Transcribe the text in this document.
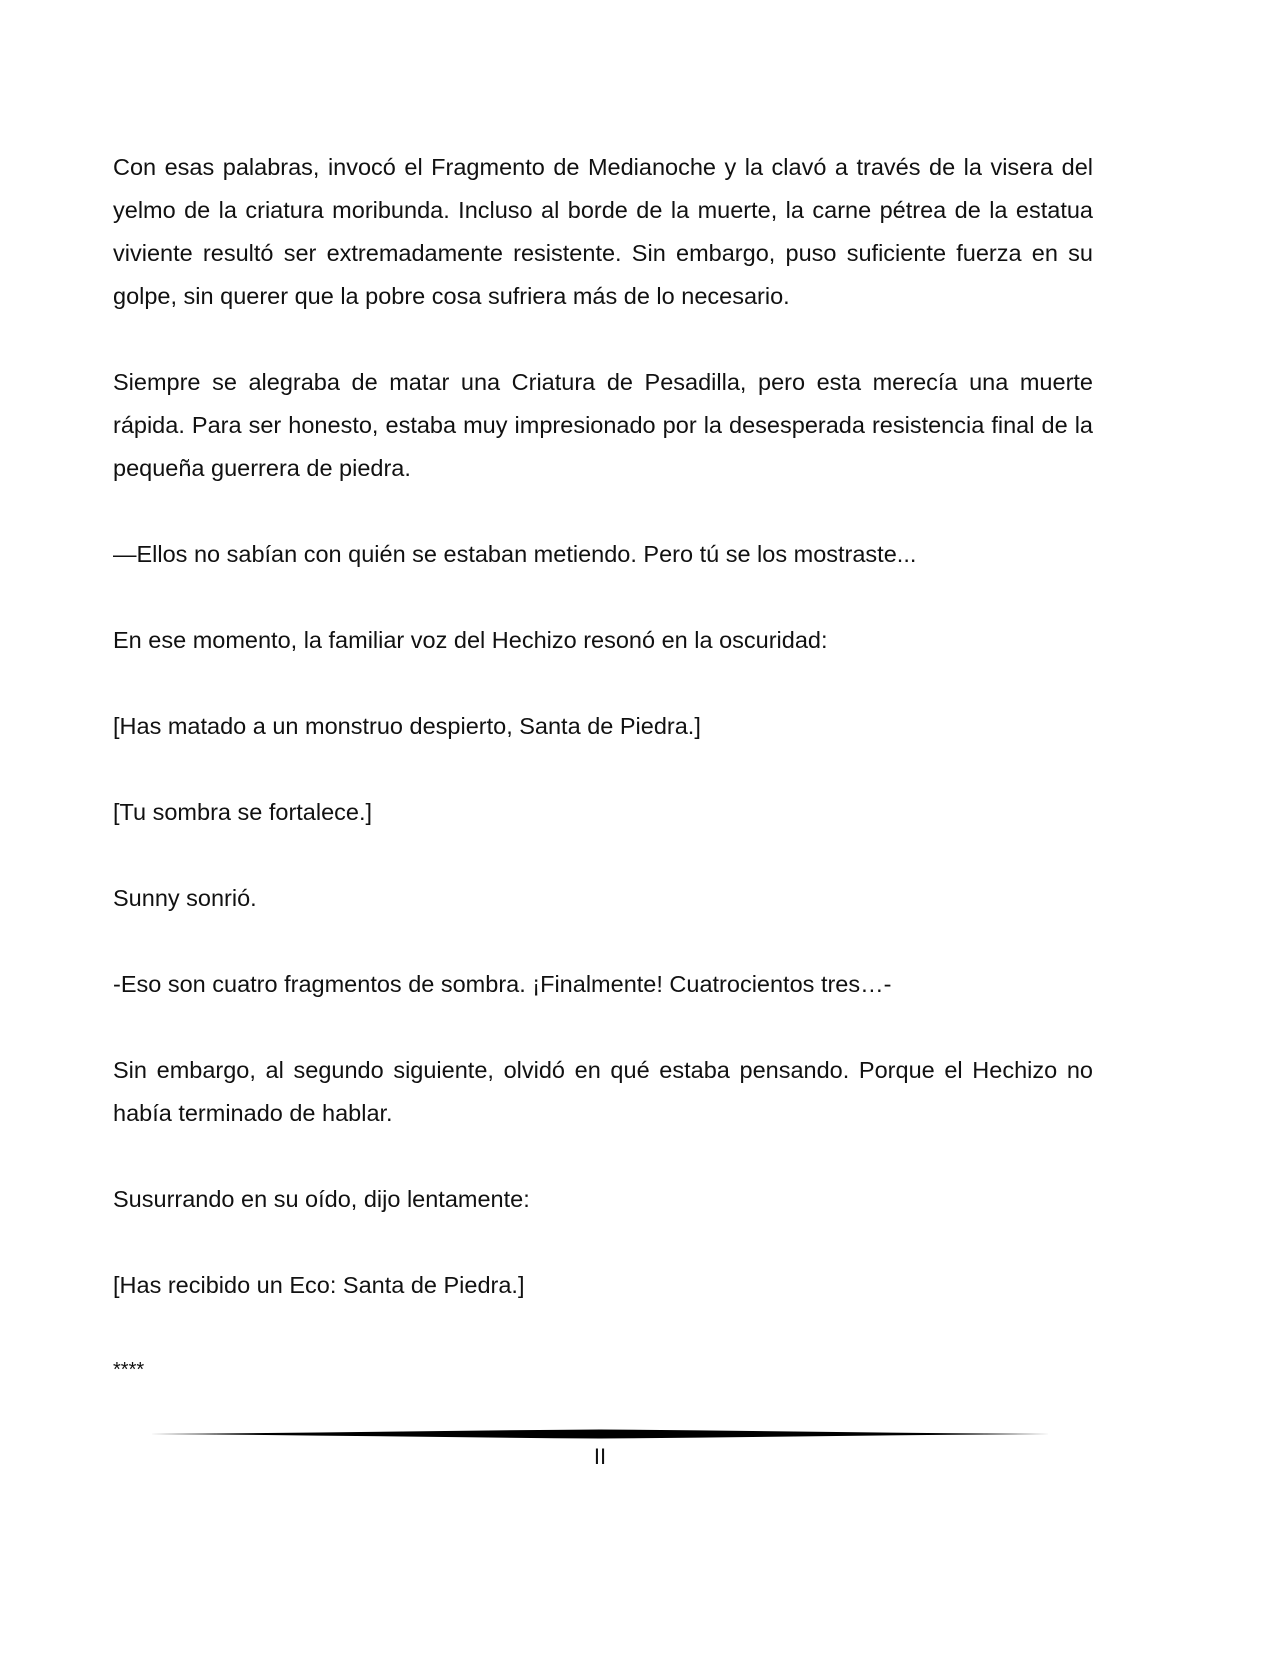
Con esas palabras, invocó el Fragmento de Medianoche y la clavó a través de la visera del yelmo de la criatura moribunda. Incluso al borde de la muerte, la carne pétrea de la estatua viviente resultó ser extremadamente resistente. Sin embargo, puso suficiente fuerza en su golpe, sin querer que la pobre cosa sufriera más de lo necesario.

Siempre se alegraba de matar una Criatura de Pesadilla, pero esta merecía una muerte rápida. Para ser honesto, estaba muy impresionado por la desesperada resistencia final de la pequeña guerrera de piedra.

—Ellos no sabían con quién se estaban metiendo. Pero tú se los mostraste...

En ese momento, la familiar voz del Hechizo resonó en la oscuridad:

[Has matado a un monstruo despierto, Santa de Piedra.]

[Tu sombra se fortalece.]

Sunny sonrió.

-Eso son cuatro fragmentos de sombra. ¡Finalmente! Cuatrocientos tres…-

Sin embargo, al segundo siguiente, olvidó en qué estaba pensando. Porque el Hechizo no había terminado de hablar.

Susurrando en su oído, dijo lentamente:

[Has recibido un Eco: Santa de Piedra.]

****

II
